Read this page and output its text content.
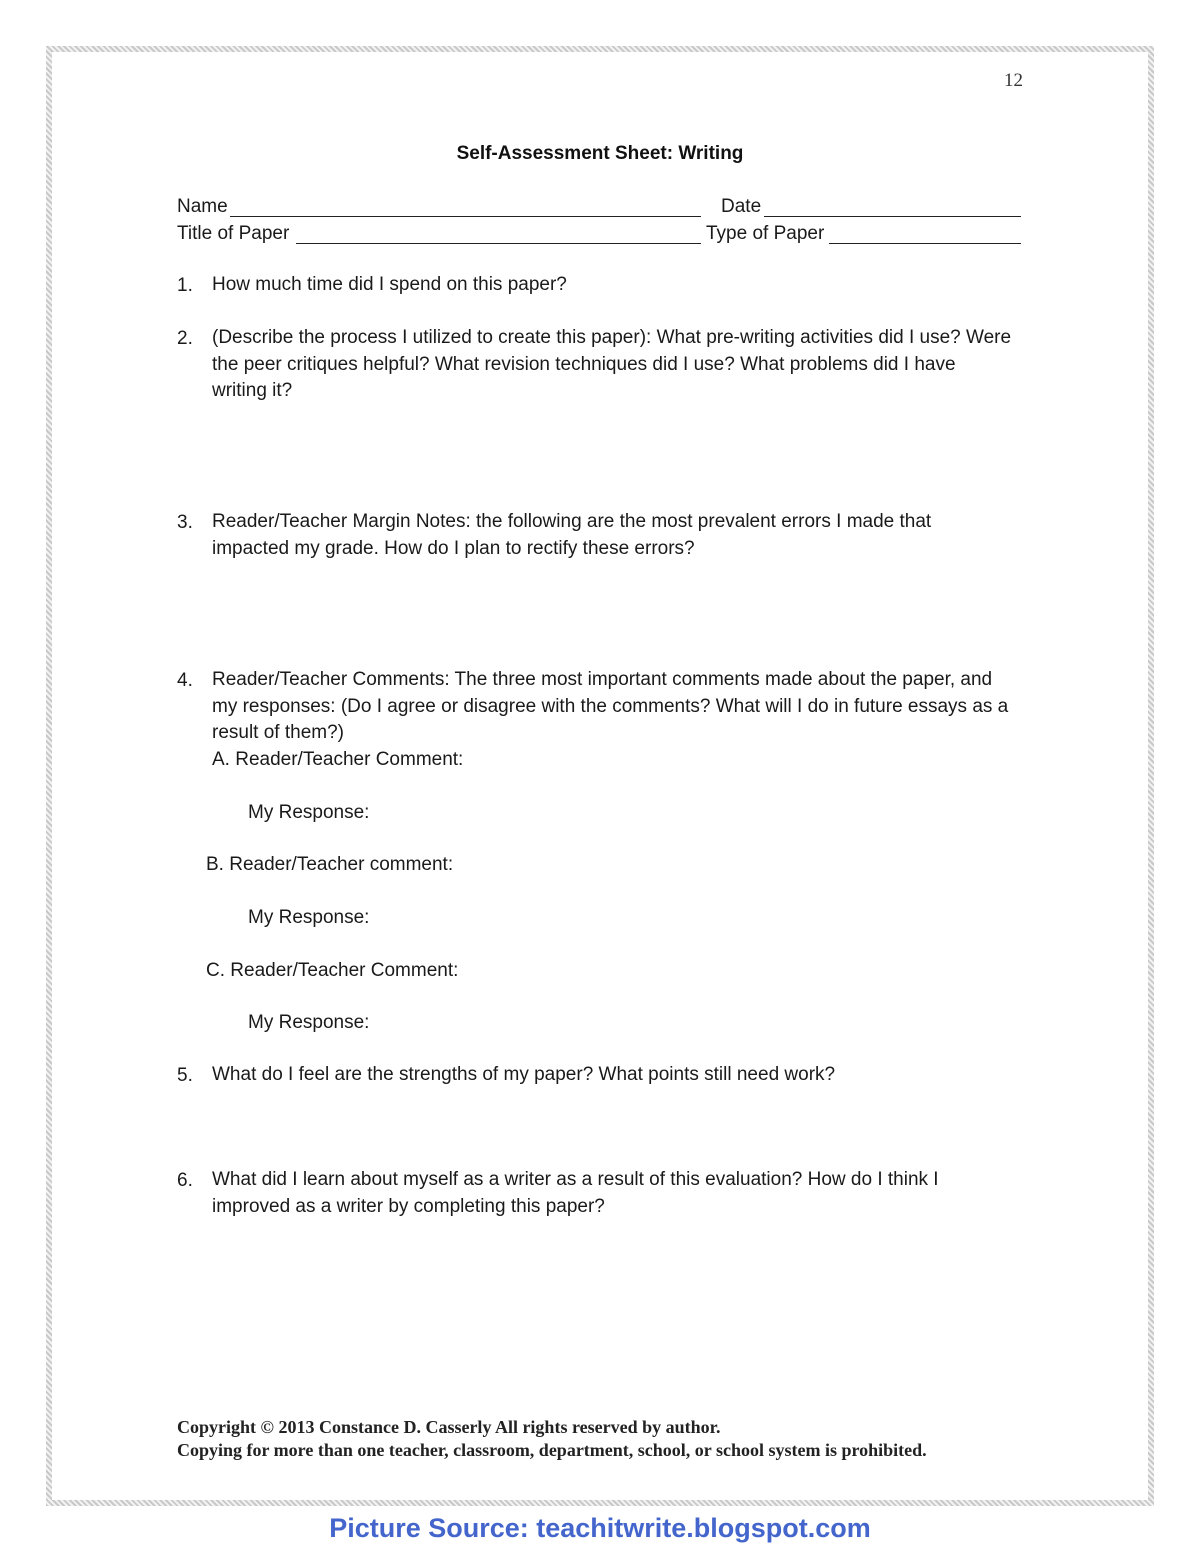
12
Self-Assessment Sheet: Writing
Name	Date
Title of Paper	Type of Paper
1. How much time did I spend on this paper?
2. (Describe the process I utilized to create this paper): What pre-writing activities did I use? Were the peer critiques helpful? What revision techniques did I use? What problems did I have writing it?
3. Reader/Teacher Margin Notes: the following are the most prevalent errors I made that impacted my grade. How do I plan to rectify these errors?
4. Reader/Teacher Comments: The three most important comments made about the paper, and my responses: (Do I agree or disagree with the comments? What will I do in future essays as a result of them?)
A. Reader/Teacher Comment:
My Response:
B. Reader/Teacher comment:
My Response:
C. Reader/Teacher Comment:
My Response:
5. What do I feel are the strengths of my paper? What points still need work?
6. What did I learn about myself as a writer as a result of this evaluation? How do I think I improved as a writer by completing this paper?
Copyright © 2013 Constance D. Casserly All rights reserved by author.
Copying for more than one teacher, classroom, department, school, or school system is prohibited.
Picture Source: teachitwrite.blogspot.com
